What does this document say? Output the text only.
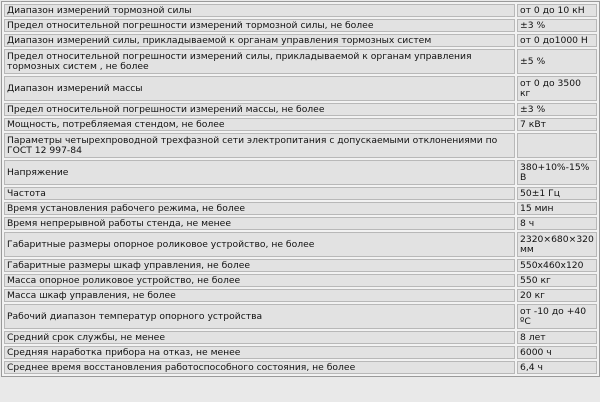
Диапазон измерений тормозной силы	от 0 до 10 кН
Предел относительной погрешности измерений тормозной силы, не более	±3 %
Диапазон измерений силы, прикладываемой к органам управления тормозных систем	от 0 до1000 Н
Предел относительной погрешности измерений силы, прикладываемой к органам управления тормозных систем , не более	±5 %
Диапазон измерений массы	от 0 до 3500 кг
Предел относительной погрешности измерений массы, не более	±3 %
Мощность, потребляемая стендом, не более	7 кВт
Параметры четырехпроводной трехфазной сети электропитания с допускаемыми отклонениями по ГОСТ 12 997-84	
Напряжение	380+10%-15% В
Частота	50±1 Гц
Время установления рабочего режима, не более	15 мин
Время непрерывной работы стенда, не менее	8 ч
Габаритные размеры опорное роликовое устройство, не более	2320×680×320 мм
Габаритные размеры шкаф управления, не более	550х460х120
Масса опорное роликовое устройство, не более	550 кг
Масса шкаф управления, не более	20 кг
Рабочий диапазон температур опорного устройства	от -10 до +40 ºС
Средний срок службы, не менее	8 лет
Средняя наработка прибора на отказ, не менее	6000 ч
Среднее время восстановления работоспособного состояния, не более	6,4 ч
